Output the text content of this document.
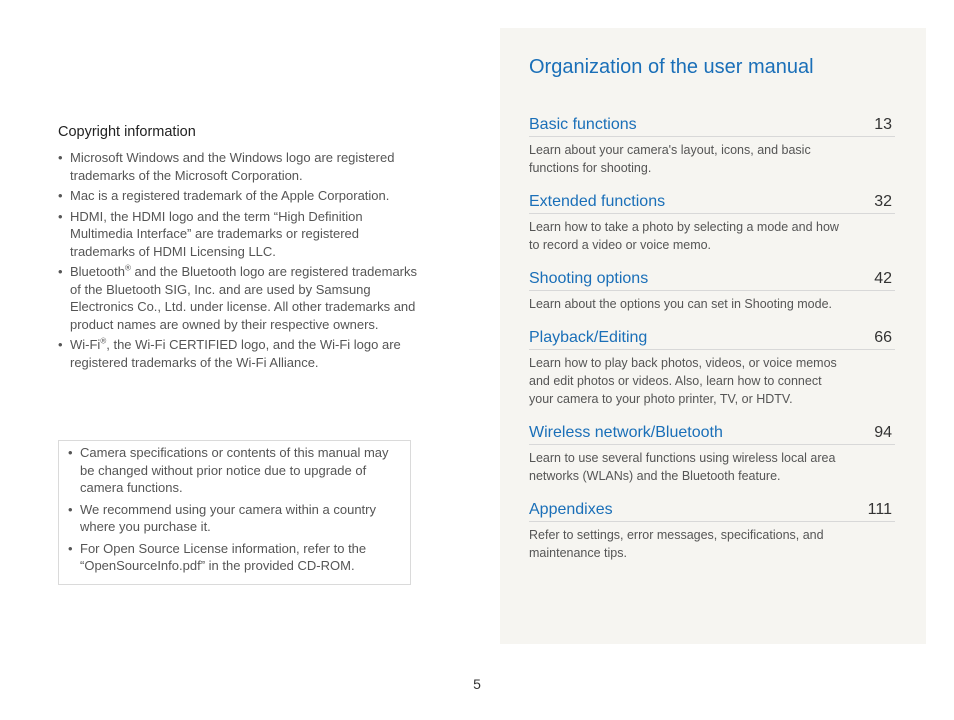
Copyright information
• Microsoft Windows and the Windows logo are registered trademarks of the Microsoft Corporation.
• Mac is a registered trademark of the Apple Corporation.
• HDMI, the HDMI logo and the term “High Definition Multimedia Interface” are trademarks or registered trademarks of HDMI Licensing LLC.
• Bluetooth® and the Bluetooth logo are registered trademarks of the Bluetooth SIG, Inc. and are used by Samsung Electronics Co., Ltd. under license. All other trademarks and product names are owned by their respective owners.
• Wi-Fi®, the Wi-Fi CERTIFIED logo, and the Wi-Fi logo are registered trademarks of the Wi-Fi Alliance.
• Camera specifications or contents of this manual may be changed without prior notice due to upgrade of camera functions.
• We recommend using your camera within a country where you purchase it.
• For Open Source License information, refer to the “OpenSourceInfo.pdf” in the provided CD-ROM.
Organization of the user manual
Basic functions	13
Learn about your camera's layout, icons, and basic functions for shooting.
Extended functions	32
Learn how to take a photo by selecting a mode and how to record a video or voice memo.
Shooting options	42
Learn about the options you can set in Shooting mode.
Playback/Editing	66
Learn how to play back photos, videos, or voice memos and edit photos or videos. Also, learn how to connect your camera to your photo printer, TV, or HDTV.
Wireless network/Bluetooth	94
Learn to use several functions using wireless local area networks (WLANs) and the Bluetooth feature.
Appendixes	111
Refer to settings, error messages, specifications, and maintenance tips.
5
